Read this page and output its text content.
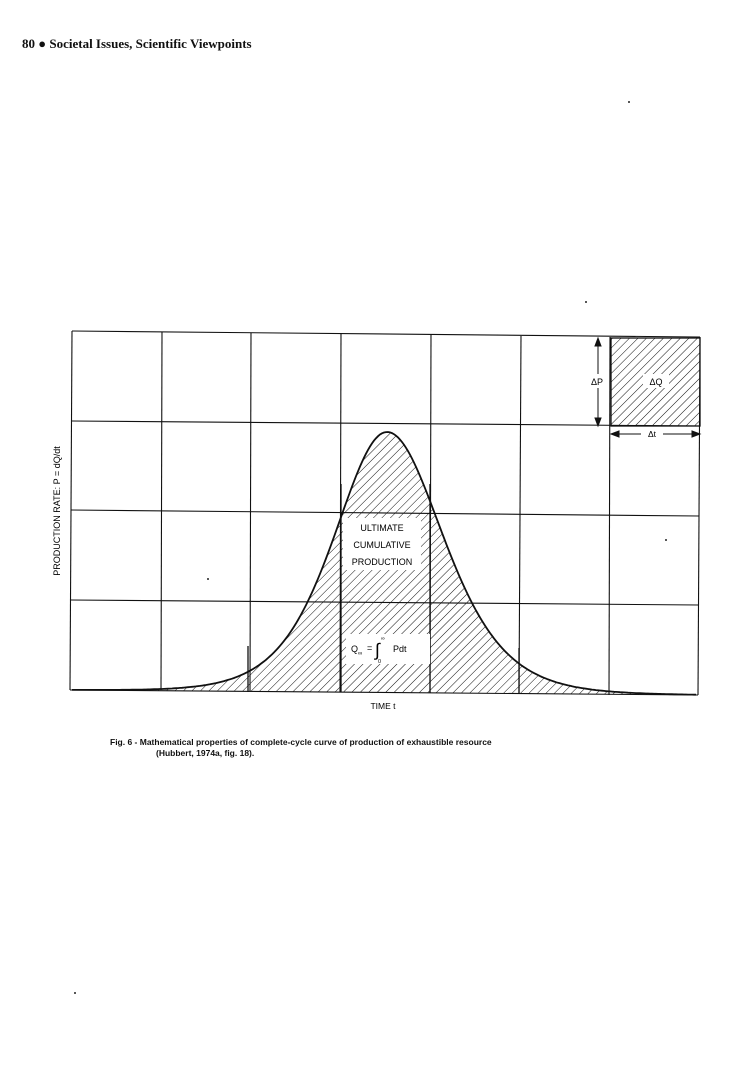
80 ● Societal Issues, Scientific Viewpoints
ULTIMATE
CUMULATIVE
PRODUCTION
Q ∞
= ∫
∞
0
Pdt
ΔQ
ΔP
Δt
PRODUCTION RATE: P = dQ/dt
TIME t
Fig. 6 - Mathematical properties of complete-cycle curve of production of exhaustible resource
(Hubbert, 1974a, fig. 18).
